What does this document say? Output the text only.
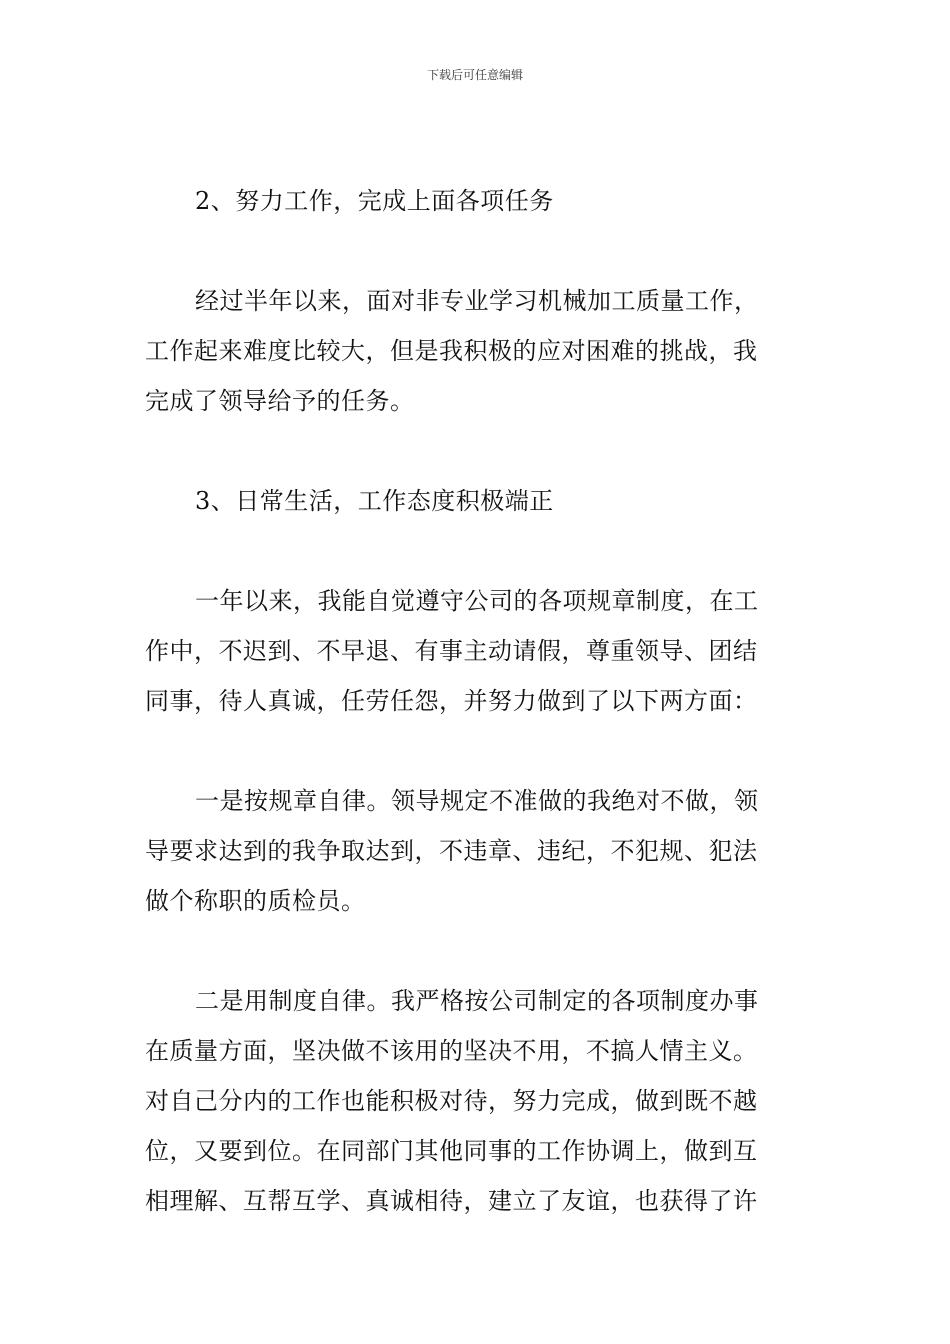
下载后可任意编辑
2、努力工作，完成上面各项任务
经过半年以来，面对非专业学习机械加工质量工作，
工作起来难度比较大，但是我积极的应对困难的挑战，我
完成了领导给予的任务。
3、日常生活，工作态度积极端正
一年以来，我能自觉遵守公司的各项规章制度，在工
作中，不迟到、不早退、有事主动请假，尊重领导、团结
同事，待人真诚，任劳任怨，并努力做到了以下两方面：
一是按规章自律。领导规定不准做的我绝对不做，领
导要求达到的我争取达到，不违章、违纪，不犯规、犯法
做个称职的质检员。
二是用制度自律。我严格按公司制定的各项制度办事
在质量方面，坚决做不该用的坚决不用，不搞人情主义。
对自己分内的工作也能积极对待，努力完成，做到既不越
位，又要到位。在同部门其他同事的工作协调上，做到互
相理解、互帮互学、真诚相待，建立了友谊，也获得了许
